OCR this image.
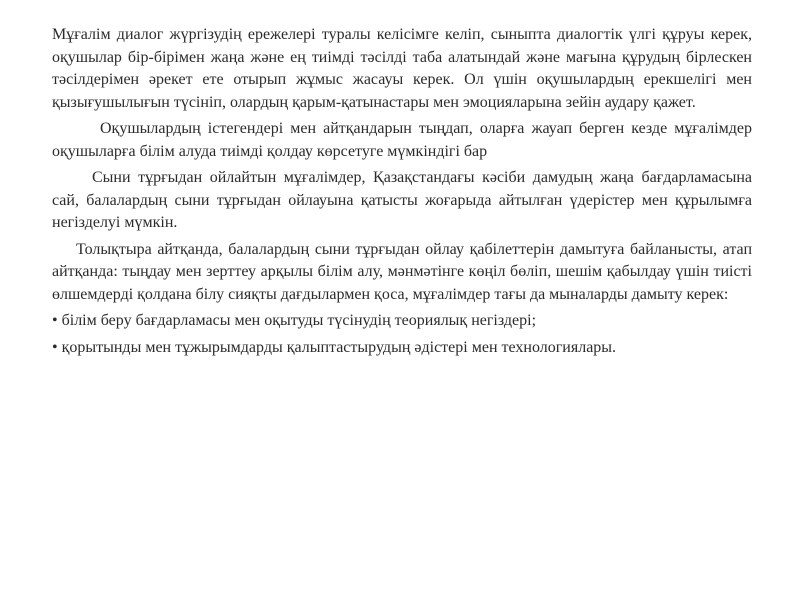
Мұғалім диалог жүргізудің ережелері туралы келісімге келіп, сыныпта диалогтік үлгі құруы керек, оқушылар бір-бірімен жаңа және ең тиімді тәсілді таба алатындай және мағына құрудың бірлескен тәсілдерімен әрекет ете отырып жұмыс жасауы керек. Ол үшін оқушылардың ерекшелігі мен қызығушылығын түсініп, олардың қарым-қатынастары мен эмоцияларына зейін аудару қажет.

Оқушылардың істегендері мен айтқандарын тыңдап, оларға жауап берген кезде мұғалімдер оқушыларға білім алуда тиімді қолдау көрсетуге мүмкіндігі бар

Сыни тұрғыдан ойлайтын мұғалімдер, Қазақстандағы кәсіби дамудың жаңа бағдарламасына сай, балалардың сыни тұрғыдан ойлауына қатысты жоғарыда айтылған үдерістер мен құрылымға негізделуі мүмкін.

Толықтыра айтқанда, балалардың сыни тұрғыдан ойлау қабілеттерін дамытуға байланысты, атап айтқанда: тыңдау мен зерттеу арқылы білім алу, мәнмәтінге көңіл бөліп, шешім қабылдау үшін тиісті өлшемдерді қолдана білу сияқты дағдылармен қоса, мұғалімдер тағы да мыналарды дамыту керек:

• білім беру бағдарламасы мен оқытуды түсінудің теориялық негіздері;

• қорытынды мен тұжырымдарды қалыптастырудың әдістері мен технологиялары.
